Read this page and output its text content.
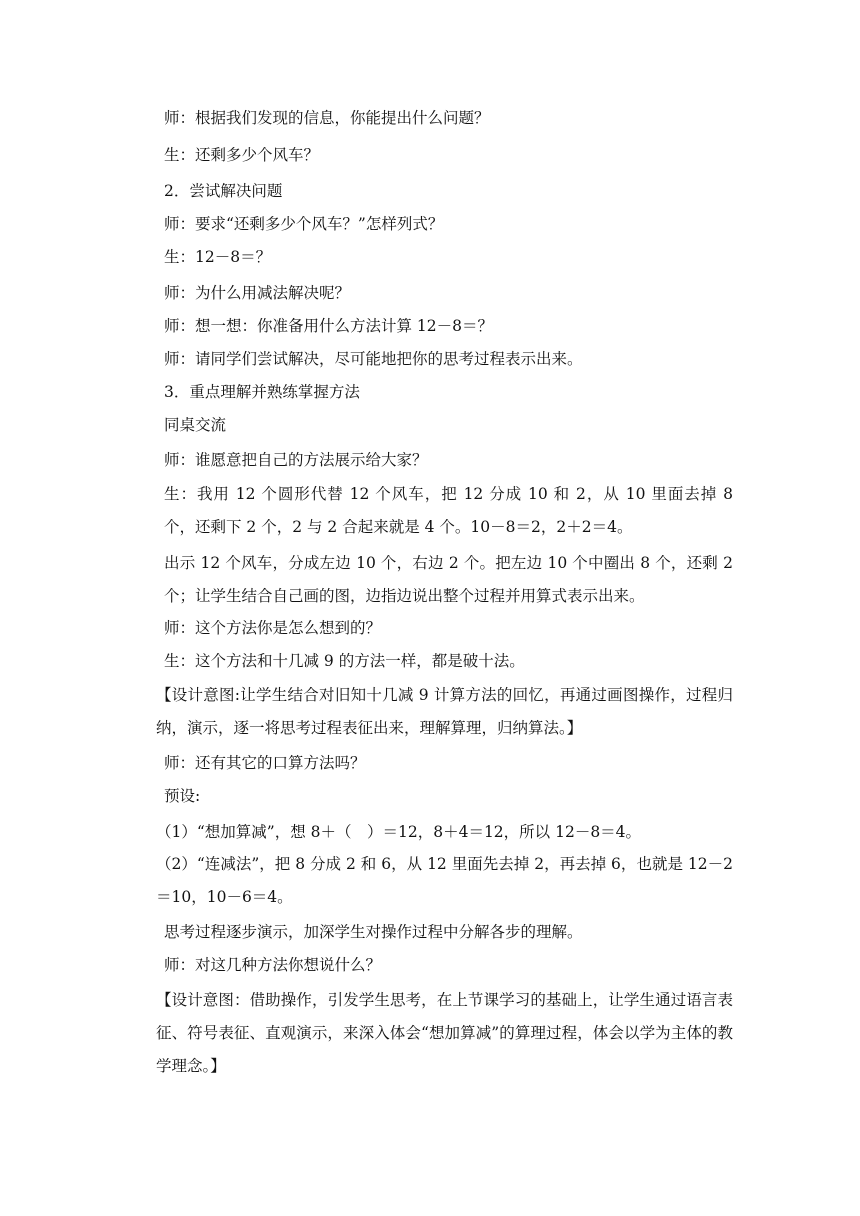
师：根据我们发现的信息，你能提出什么问题？
生：还剩多少个风车？
2．尝试解决问题
师：要求“还剩多少个风车？”怎样列式？
生：12－8＝？
师：为什么用减法解决呢？
师：想一想：你准备用什么方法计算 12－8＝？
师：请同学们尝试解决，尽可能地把你的思考过程表示出来。
3．重点理解并熟练掌握方法
同桌交流
师：谁愿意把自己的方法展示给大家？
生：我用 12 个圆形代替 12 个风车，把 12 分成 10 和 2，从 10 里面去掉 8 个，还剩下 2 个，2 与 2 合起来就是 4 个。10－8＝2，2＋2＝4。
出示 12 个风车，分成左边 10 个，右边 2 个。把左边 10 个中圈出 8 个，还剩 2 个；让学生结合自己画的图，边指边说出整个过程并用算式表示出来。
师：这个方法你是怎么想到的？
生：这个方法和十几减 9 的方法一样，都是破十法。
【设计意图:让学生结合对旧知十几减 9 计算方法的回忆，再通过画图操作，过程归纳，演示，逐一将思考过程表征出来，理解算理，归纳算法。】
师：还有其它的口算方法吗？
预设:
（1）“想加算减”，想 8＋（　）＝12，8＋4＝12，所以 12－8＝4。
（2）“连减法”，把 8 分成 2 和 6，从 12 里面先去掉 2，再去掉 6，也就是 12－2＝10，10－6＝4。
思考过程逐步演示，加深学生对操作过程中分解各步的理解。
师：对这几种方法你想说什么？
【设计意图：借助操作，引发学生思考，在上节课学习的基础上，让学生通过语言表征、符号表征、直观演示，来深入体会“想加算减”的算理过程，体会以学为主体的教学理念。】
